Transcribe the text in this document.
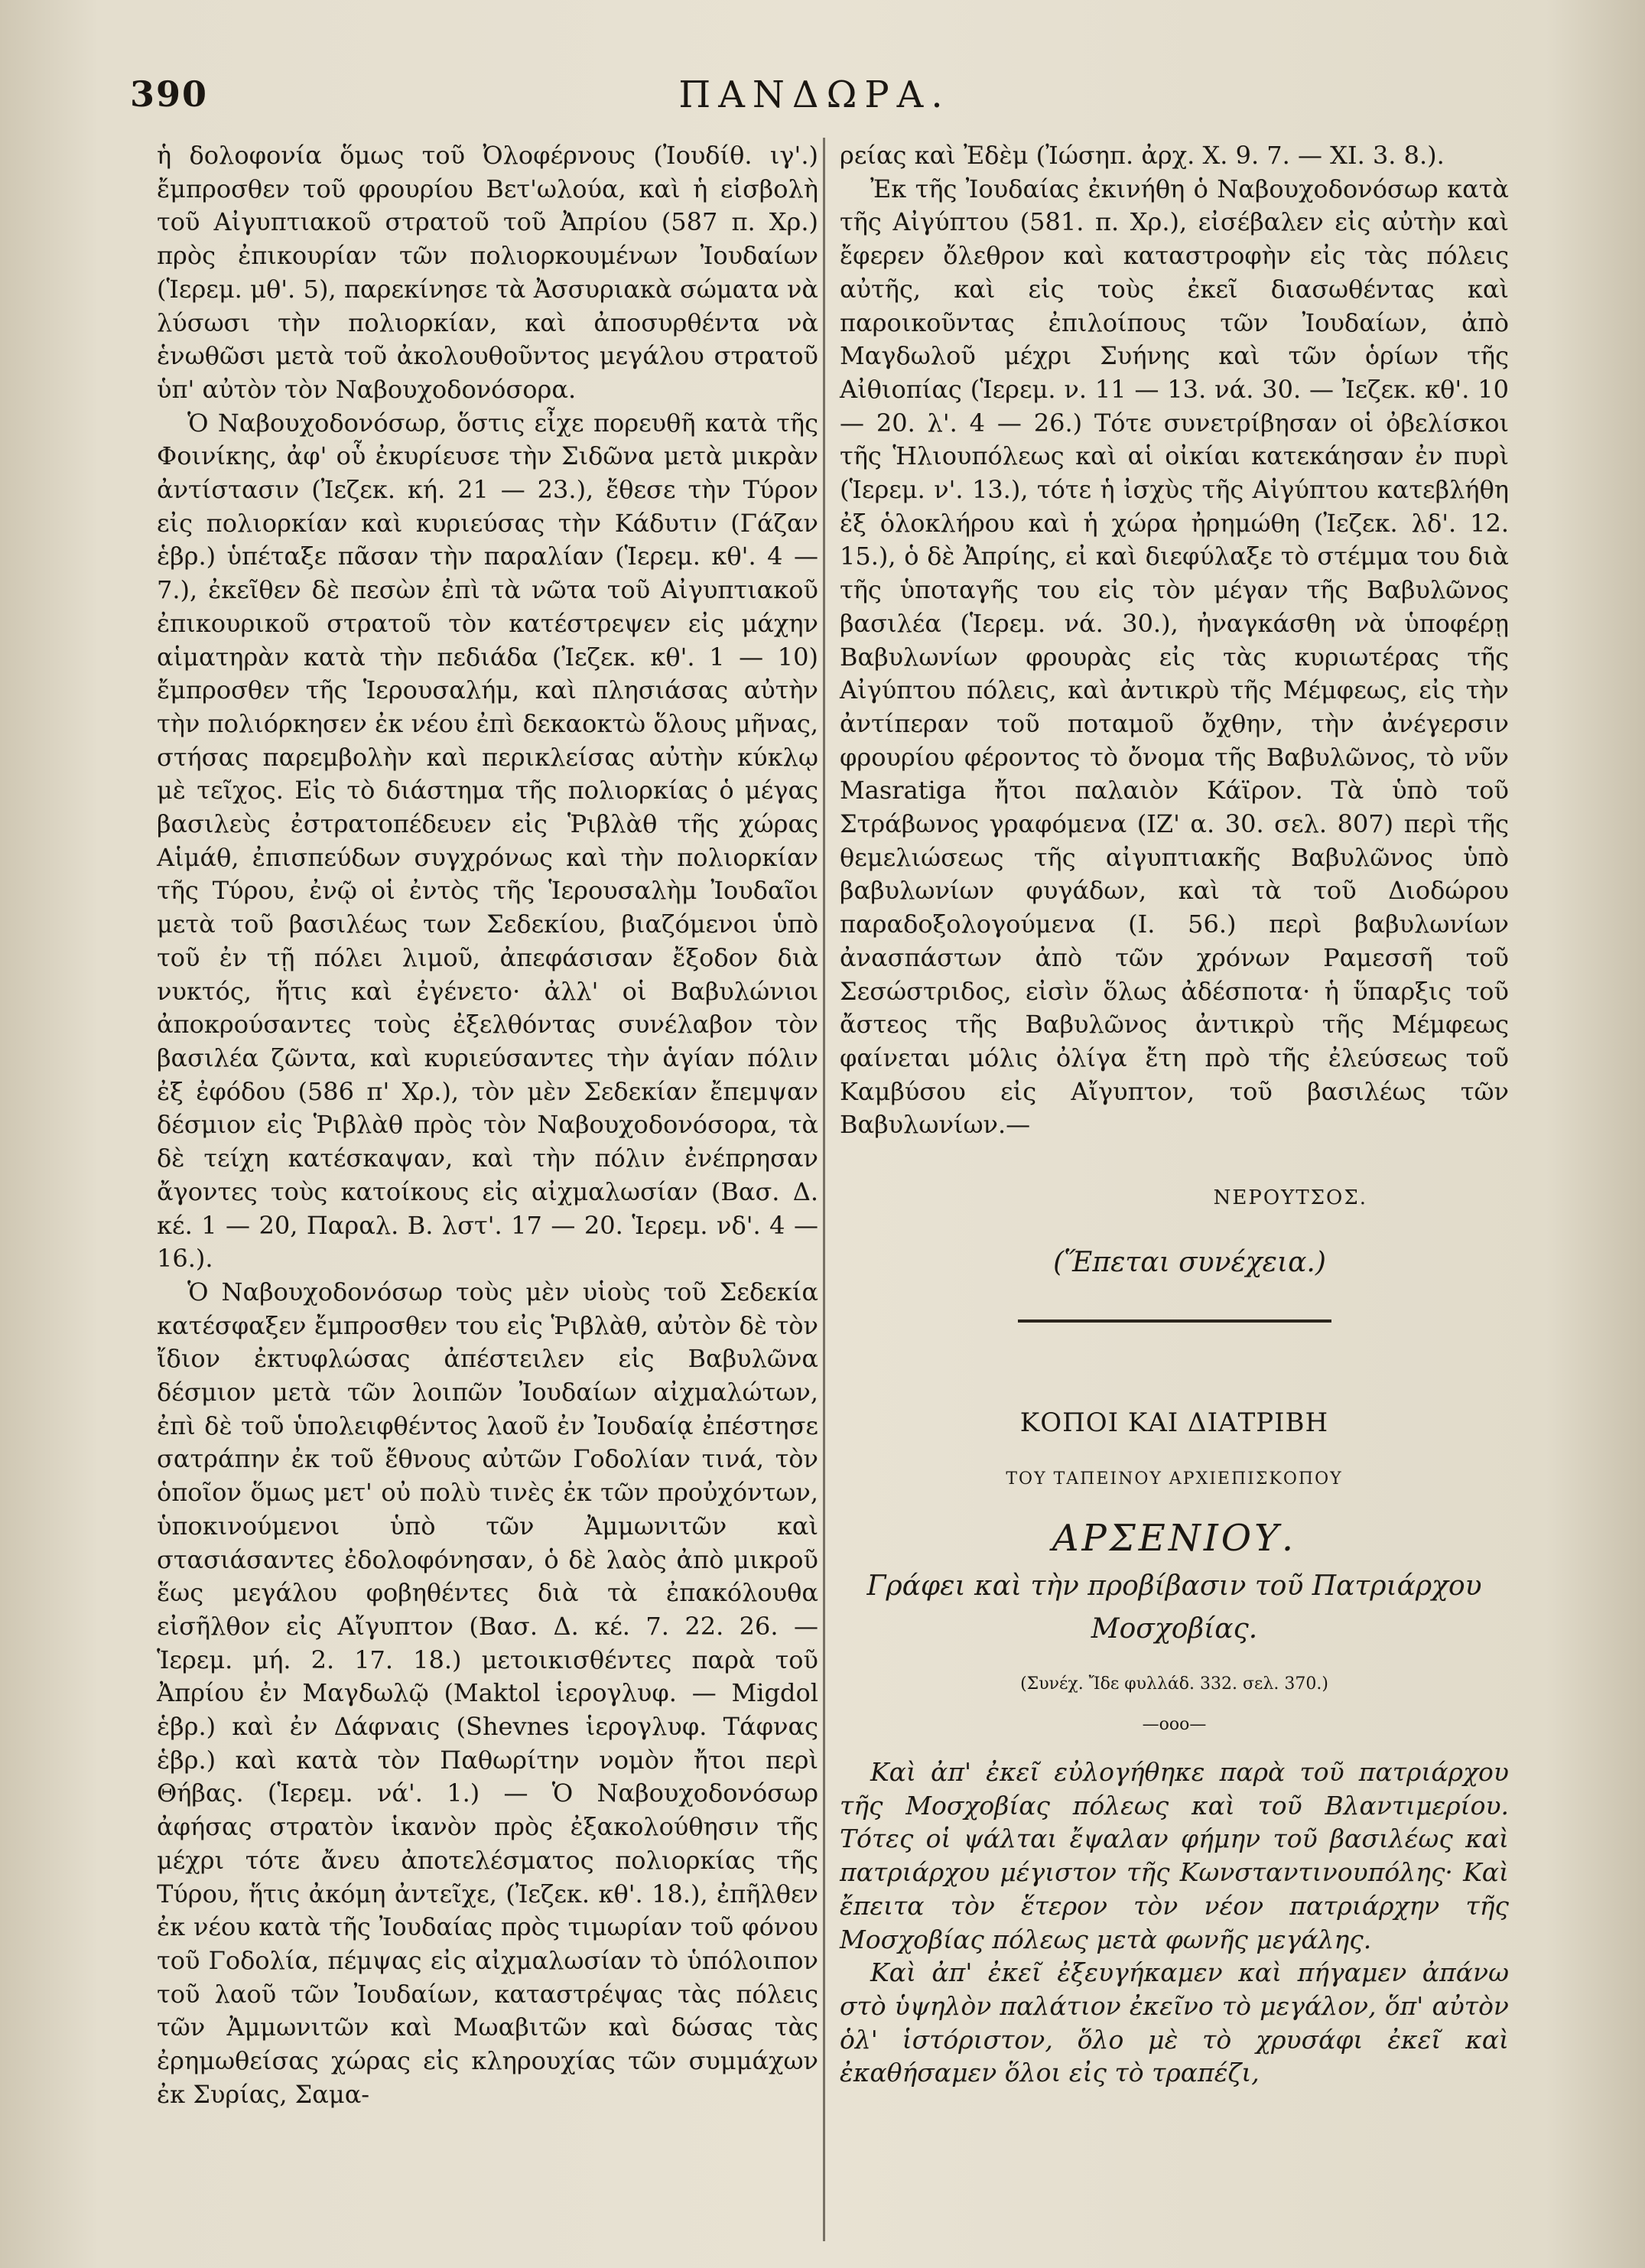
390	ΠΑΝΔΩΡΑ.

ἡ δολοφονία ὅμως τοῦ Ὀλοφέρνους (Ἰουδίθ. ιγ'.) ἔμπροσθεν τοῦ φρουρίου Βετ'ωλούα, καὶ ἡ εἰσβολὴ τοῦ Αἰγυπτιακοῦ στρατοῦ τοῦ Ἀπρίου (587 π. Χρ.) πρὸς ἐπικουρίαν τῶν πολιορκουμένων Ἰουδαίων (Ἱερεμ. μθ'. 5), παρεκίνησε τὰ Ἀσσυριακὰ σώματα νὰ λύσωσι τὴν πολιορκίαν, καὶ ἀποσυρθέντα νὰ ἑνωθῶσι μετὰ τοῦ ἀκολουθοῦντος μεγάλου στρατοῦ ὑπ' αὐτὸν τὸν Ναβουχοδονόσορα.

Ὁ Ναβουχοδονόσωρ, ὅστις εἶχε πορευθῆ κατὰ τῆς Φοινίκης, ἀφ' οὗ ἐκυρίευσε τὴν Σιδῶνα μετὰ μικρὰν ἀντίστασιν (Ἰεζεκ. κή. 21 — 23.), ἔθεσε τὴν Τύρον εἰς πολιορκίαν καὶ κυριεύσας τὴν Κάδυτιν (Γάζαν ἑβρ.) ὑπέταξε πᾶσαν τὴν παραλίαν (Ἱερεμ. κθ'. 4 — 7.), ἐκεῖθεν δὲ πεσὼν ἐπὶ τὰ νῶτα τοῦ Αἰγυπτιακοῦ ἐπικουρικοῦ στρατοῦ τὸν κατέστρεψεν εἰς μάχην αἱματηρὰν κατὰ τὴν πεδιάδα (Ἰεζεκ. κθ'. 1 — 10) ἔμπροσθεν τῆς Ἱερουσαλήμ, καὶ πλησιάσας αὐτὴν τὴν πολιόρκησεν ἐκ νέου ἐπὶ δεκαοκτὼ ὅλους μῆνας, στήσας παρεμβολὴν καὶ περικλείσας αὐτὴν κύκλῳ μὲ τεῖχος. Εἰς τὸ διάστημα τῆς πολιορκίας ὁ μέγας βασιλεὺς ἐστρατοπέδευεν εἰς Ῥιβλὰθ τῆς χώρας Αἱμάθ, ἐπισπεύδων συγχρόνως καὶ τὴν πολιορκίαν τῆς Τύρου, ἐνῷ οἱ ἐντὸς τῆς Ἱερουσαλὴμ Ἰουδαῖοι μετὰ τοῦ βασιλέως των Σεδεκίου, βιαζόμενοι ὑπὸ τοῦ ἐν τῇ πόλει λιμοῦ, ἀπεφάσισαν ἔξοδον διὰ νυκτός, ἥτις καὶ ἐγένετο· ἀλλ' οἱ Βαβυλώνιοι ἀποκρούσαντες τοὺς ἐξελθόντας συνέλαβον τὸν βασιλέα ζῶντα, καὶ κυριεύσαντες τὴν ἁγίαν πόλιν ἐξ ἐφόδου (586 π' Χρ.), τὸν μὲν Σεδεκίαν ἔπεμψαν δέσμιον εἰς Ῥιβλὰθ πρὸς τὸν Ναβουχοδονόσορα, τὰ δὲ τείχη κατέσκαψαν, καὶ τὴν πόλιν ἐνέπρησαν ἄγοντες τοὺς κατοίκους εἰς αἰχμαλωσίαν (Βασ. Δ. κέ. 1 — 20, Παραλ. Β. λστ'. 17 — 20. Ἱερεμ. νδ'. 4 — 16.).

Ὁ Ναβουχοδονόσωρ τοὺς μὲν υἱοὺς τοῦ Σεδεκία κατέσφαξεν ἔμπροσθεν του εἰς Ῥιβλὰθ, αὐτὸν δὲ τὸν ἴδιον ἐκτυφλώσας ἀπέστειλεν εἰς Βαβυλῶνα δέσμιον μετὰ τῶν λοιπῶν Ἰουδαίων αἰχμαλώτων, ἐπὶ δὲ τοῦ ὑπολειφθέντος λαοῦ ἐν Ἰουδαίᾳ ἐπέστησε σατράπην ἐκ τοῦ ἔθνους αὐτῶν Γοδολίαν τινά, τὸν ὁποῖον ὅμως μετ' οὐ πολὺ τινὲς ἐκ τῶν προὐχόντων, ὑποκινούμενοι ὑπὸ τῶν Ἀμμωνιτῶν καὶ στασιάσαντες ἐδολοφόνησαν, ὁ δὲ λαὸς ἀπὸ μικροῦ ἕως μεγάλου φοβηθέντες διὰ τὰ ἐπακόλουθα εἰσῆλθον εἰς Αἴγυπτον (Βασ. Δ. κέ. 7. 22. 26. — Ἱερεμ. μή. 2. 17. 18.) μετοικισθέντες παρὰ τοῦ Ἀπρίου ἐν Μαγδωλῷ (Maktol ἱερογλυφ. — Migdol ἑβρ.) καὶ ἐν Δάφναις (Shevnes ἱερογλυφ. Τάφνας ἑβρ.) καὶ κατὰ τὸν Παθωρίτην νομὸν ἤτοι περὶ Θήβας. (Ἱερεμ. νά'. 1.) — Ὁ Ναβουχοδονόσωρ ἀφήσας στρατὸν ἱκανὸν πρὸς ἐξακολούθησιν τῆς μέχρι τότε ἄνευ ἀποτελέσματος πολιορκίας τῆς Τύρου, ἥτις ἀκόμη ἀντεῖχε, (Ἰεζεκ. κθ'. 18.), ἐπῆλθεν ἐκ νέου κατὰ τῆς Ἰουδαίας πρὸς τιμωρίαν τοῦ φόνου τοῦ Γοδολία, πέμψας εἰς αἰχμαλωσίαν τὸ ὑπόλοιπον τοῦ λαοῦ τῶν Ἰουδαίων, καταστρέψας τὰς πόλεις τῶν Ἀμμωνιτῶν καὶ Μωαβιτῶν καὶ δώσας τὰς ἐρημωθείσας χώρας εἰς κληρουχίας τῶν συμμάχων ἐκ Συρίας, Σαμα-

ρείας καὶ Ἐδὲμ (Ἰώσηπ. ἀρχ. X. 9. 7. — XI. 3. 8.).

Ἐκ τῆς Ἰουδαίας ἐκινήθη ὁ Ναβουχοδονόσωρ κατὰ τῆς Αἰγύπτου (581. π. Χρ.), εἰσέβαλεν εἰς αὐτὴν καὶ ἔφερεν ὄλεθρον καὶ καταστροφὴν εἰς τὰς πόλεις αὐτῆς, καὶ εἰς τοὺς ἐκεῖ διασωθέντας καὶ παροικοῦντας ἐπιλοίπους τῶν Ἰουδαίων, ἀπὸ Μαγδωλοῦ μέχρι Συήνης καὶ τῶν ὁρίων τῆς Αἰθιοπίας (Ἱερεμ. ν. 11 — 13. νά. 30. — Ἰεζεκ. κθ'. 10 — 20. λ'. 4 — 26.) Τότε συνετρίβησαν οἱ ὀβελίσκοι τῆς Ἡλιουπόλεως καὶ αἱ οἰκίαι κατεκάησαν ἐν πυρὶ (Ἱερεμ. ν'. 13.), τότε ἡ ἰσχὺς τῆς Αἰγύπτου κατεβλήθη ἐξ ὁλοκλήρου καὶ ἡ χώρα ἠρημώθη (Ἰεζεκ. λδ'. 12. 15.), ὁ δὲ Ἀπρίης, εἰ καὶ διεφύλαξε τὸ στέμμα του διὰ τῆς ὑποταγῆς του εἰς τὸν μέγαν τῆς Βαβυλῶνος βασιλέα (Ἱερεμ. νά. 30.), ἠναγκάσθη νὰ ὑποφέρῃ Βαβυλωνίων φρουρὰς εἰς τὰς κυριωτέρας τῆς Αἰγύπτου πόλεις, καὶ ἀντικρὺ τῆς Μέμφεως, εἰς τὴν ἀντίπεραν τοῦ ποταμοῦ ὄχθην, τὴν ἀνέγερσιν φρουρίου φέροντος τὸ ὄνομα τῆς Βαβυλῶνος, τὸ νῦν Masratiga ἤτοι παλαιὸν Κάϊρον. Τὰ ὑπὸ τοῦ Στράβωνος γραφόμενα (ΙΖ' α. 30. σελ. 807) περὶ τῆς θεμελιώσεως τῆς αἰγυπτιακῆς Βαβυλῶνος ὑπὸ βαβυλωνίων φυγάδων, καὶ τὰ τοῦ Διοδώρου παραδοξολογούμενα (I. 56.) περὶ βαβυλωνίων ἀνασπάστων ἀπὸ τῶν χρόνων Ραμεσσῆ τοῦ Σεσώστριδος, εἰσὶν ὅλως ἀδέσποτα· ἡ ὕπαρξις τοῦ ἄστεος τῆς Βαβυλῶνος ἀντικρὺ τῆς Μέμφεως φαίνεται μόλις ὀλίγα ἔτη πρὸ τῆς ἐλεύσεως τοῦ Καμβύσου εἰς Αἴγυπτον, τοῦ βασιλέως τῶν Βαβυλωνίων.—

ΝΕΡΟΥΤΣΟΣ.
(Ἕπεται συνέχεια.)
ΚΟΠΟΙ ΚΑΙ ΔΙΑΤΡΙΒΗ
ΤΟΥ ΤΑΠΕΙΝΟΥ ΑΡΧΙΕΠΙΣΚΟΠΟΥ
ΑΡΣΕΝΙΟΥ.
Γράφει καὶ τὴν προβίβασιν τοῦ Πατριάρχου
Μοσχοβίας.
(Συνέχ. Ἴδε φυλλάδ. 332. σελ. 370.)
—οοο—

Καὶ ἀπ' ἐκεῖ εὐλογήθηκε παρὰ τοῦ πατριάρχου τῆς Μοσχοβίας πόλεως καὶ τοῦ Βλαντιμερίου. Τότες οἱ ψάλται ἔψαλαν φήμην τοῦ βασιλέως καὶ πατριάρχου μέγιστον τῆς Κωνσταντινουπόλης· Καὶ ἔπειτα τὸν ἕτερον τὸν νέον πατριάρχην τῆς Μοσχοβίας πόλεως μετὰ φωνῆς μεγάλης.

Καὶ ἀπ' ἐκεῖ ἐξευγήκαμεν καὶ πήγαμεν ἀπάνω στὸ ὑψηλὸν παλάτιον ἐκεῖνο τὸ μεγάλον, ὅπ' αὐτὸν ὁλ' ἱστόριστον, ὅλο μὲ τὸ χρυσάφι ἐκεῖ καὶ ἐκαθήσαμεν ὅλοι εἰς τὸ τραπέζι,
